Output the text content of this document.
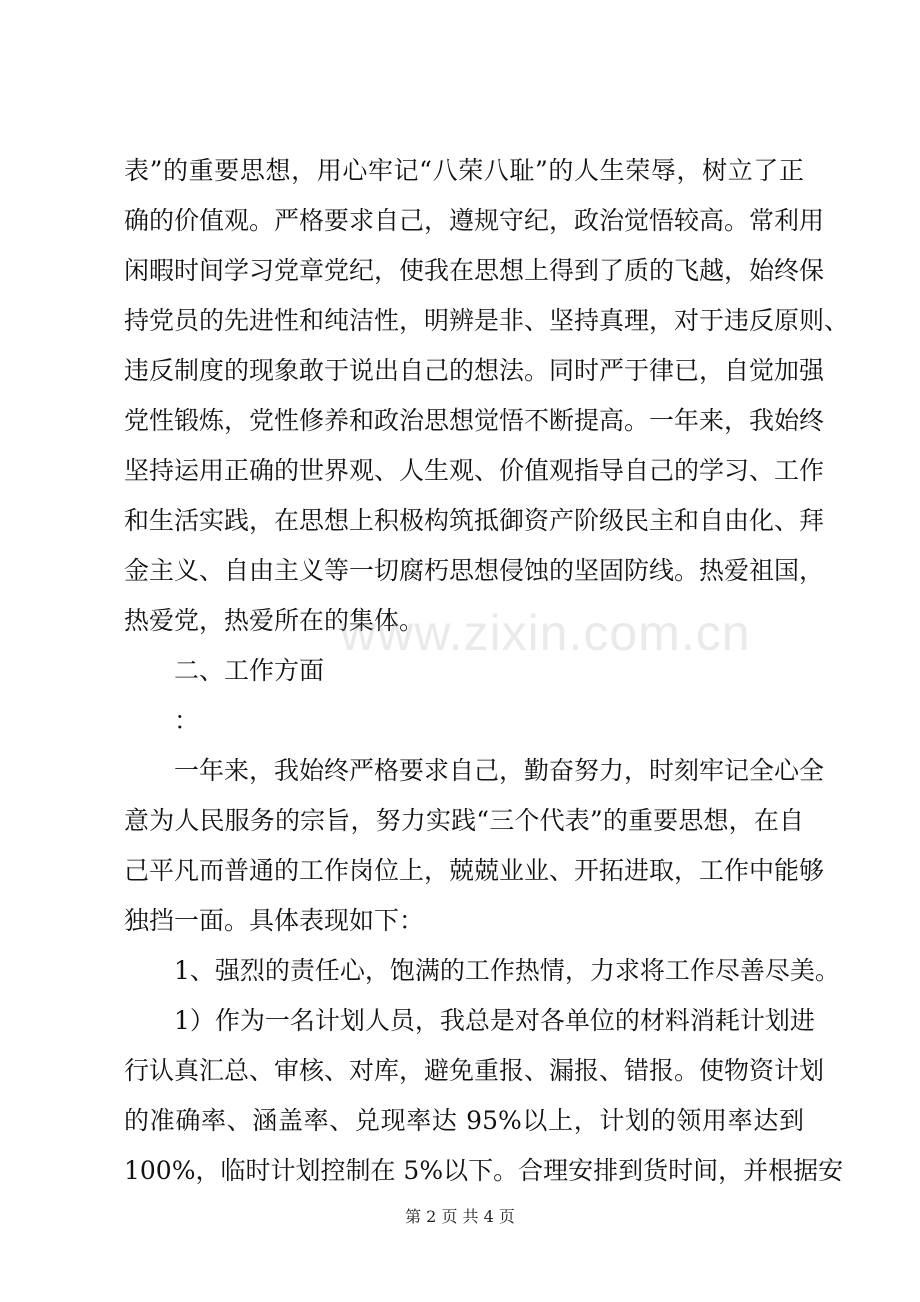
表”的重要思想，用心牢记“八荣八耻”的人生荣辱，树立了正
确的价值观。严格要求自己，遵规守纪，政治觉悟较高。常利用
闲暇时间学习党章党纪，使我在思想上得到了质的飞越，始终保
持党员的先进性和纯洁性，明辨是非、坚持真理，对于违反原则、
违反制度的现象敢于说出自己的想法。同时严于律已，自觉加强
党性锻炼，党性修养和政治思想觉悟不断提高。一年来，我始终
坚持运用正确的世界观、人生观、价值观指导自己的学习、工作
和生活实践，在思想上积极构筑抵御资产阶级民主和自由化、拜
金主义、自由主义等一切腐朽思想侵蚀的坚固防线。热爱祖国，
热爱党，热爱所在的集体。
二、工作方面
：
一年来，我始终严格要求自己，勤奋努力，时刻牢记全心全
意为人民服务的宗旨，努力实践“三个代表”的重要思想，在自
己平凡而普通的工作岗位上，兢兢业业、开拓进取，工作中能够
独挡一面。具体表现如下：
1、强烈的责任心，饱满的工作热情，力求将工作尽善尽美。
1）作为一名计划人员，我总是对各单位的材料消耗计划进
行认真汇总、审核、对库，避免重报、漏报、错报。使物资计划
的准确率、涵盖率、兑现率达 95%以上，计划的领用率达到
100%，临时计划控制在 5%以下。合理安排到货时间，并根据安
www.zixin.com.cn
第 2 页 共 4 页
